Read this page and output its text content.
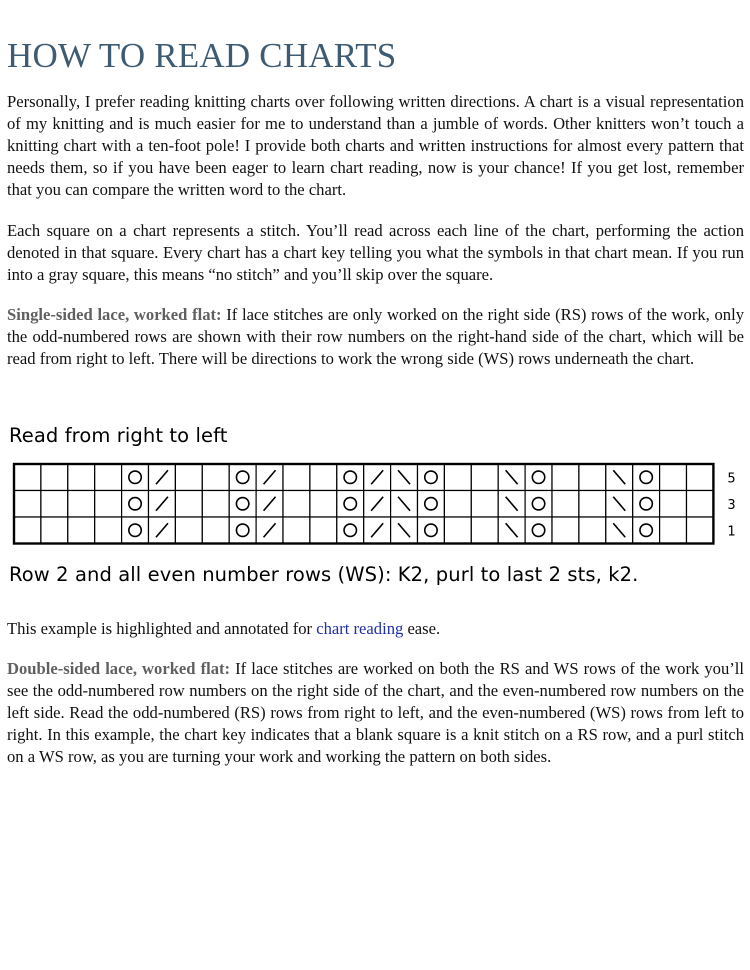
HOW TO READ CHARTS

Personally, I prefer reading knitting charts over following written directions. A chart is a visual representation of my knitting and is much easier for me to understand than a jumble of words. Other knitters won’t touch a knitting chart with a ten-foot pole! I provide both charts and written instructions for almost every pattern that needs them, so if you have been eager to learn chart reading, now is your chance! If you get lost, remember that you can compare the written word to the chart.

Each square on a chart represents a stitch. You’ll read across each line of the chart, performing the action denoted in that square. Every chart has a chart key telling you what the symbols in that chart mean. If you run into a gray square, this means “no stitch” and you’ll skip over the square.

Single-sided lace, worked flat: If lace stitches are only worked on the right side (RS) rows of the work, only the odd-numbered rows are shown with their row numbers on the right-hand side of the chart, which will be read from right to left. There will be directions to work the wrong side (WS) rows underneath the chart.

This example is highlighted and annotated for chart reading ease.

Double-sided lace, worked flat: If lace stitches are worked on both the RS and WS rows of the work you’ll see the odd-numbered row numbers on the right side of the chart, and the even-numbered row numbers on the left side. Read the odd-numbered (RS) rows from right to left, and the even-numbered (WS) rows from left to right. In this example, the chart key indicates that a blank square is a knit stitch on a RS row, and a purl stitch on a WS row, as you are turning your work and working the pattern on both sides.

Read from right to left
5
3
1
Row 2 and all even number rows (WS): K2, purl to last 2 sts, k2.
